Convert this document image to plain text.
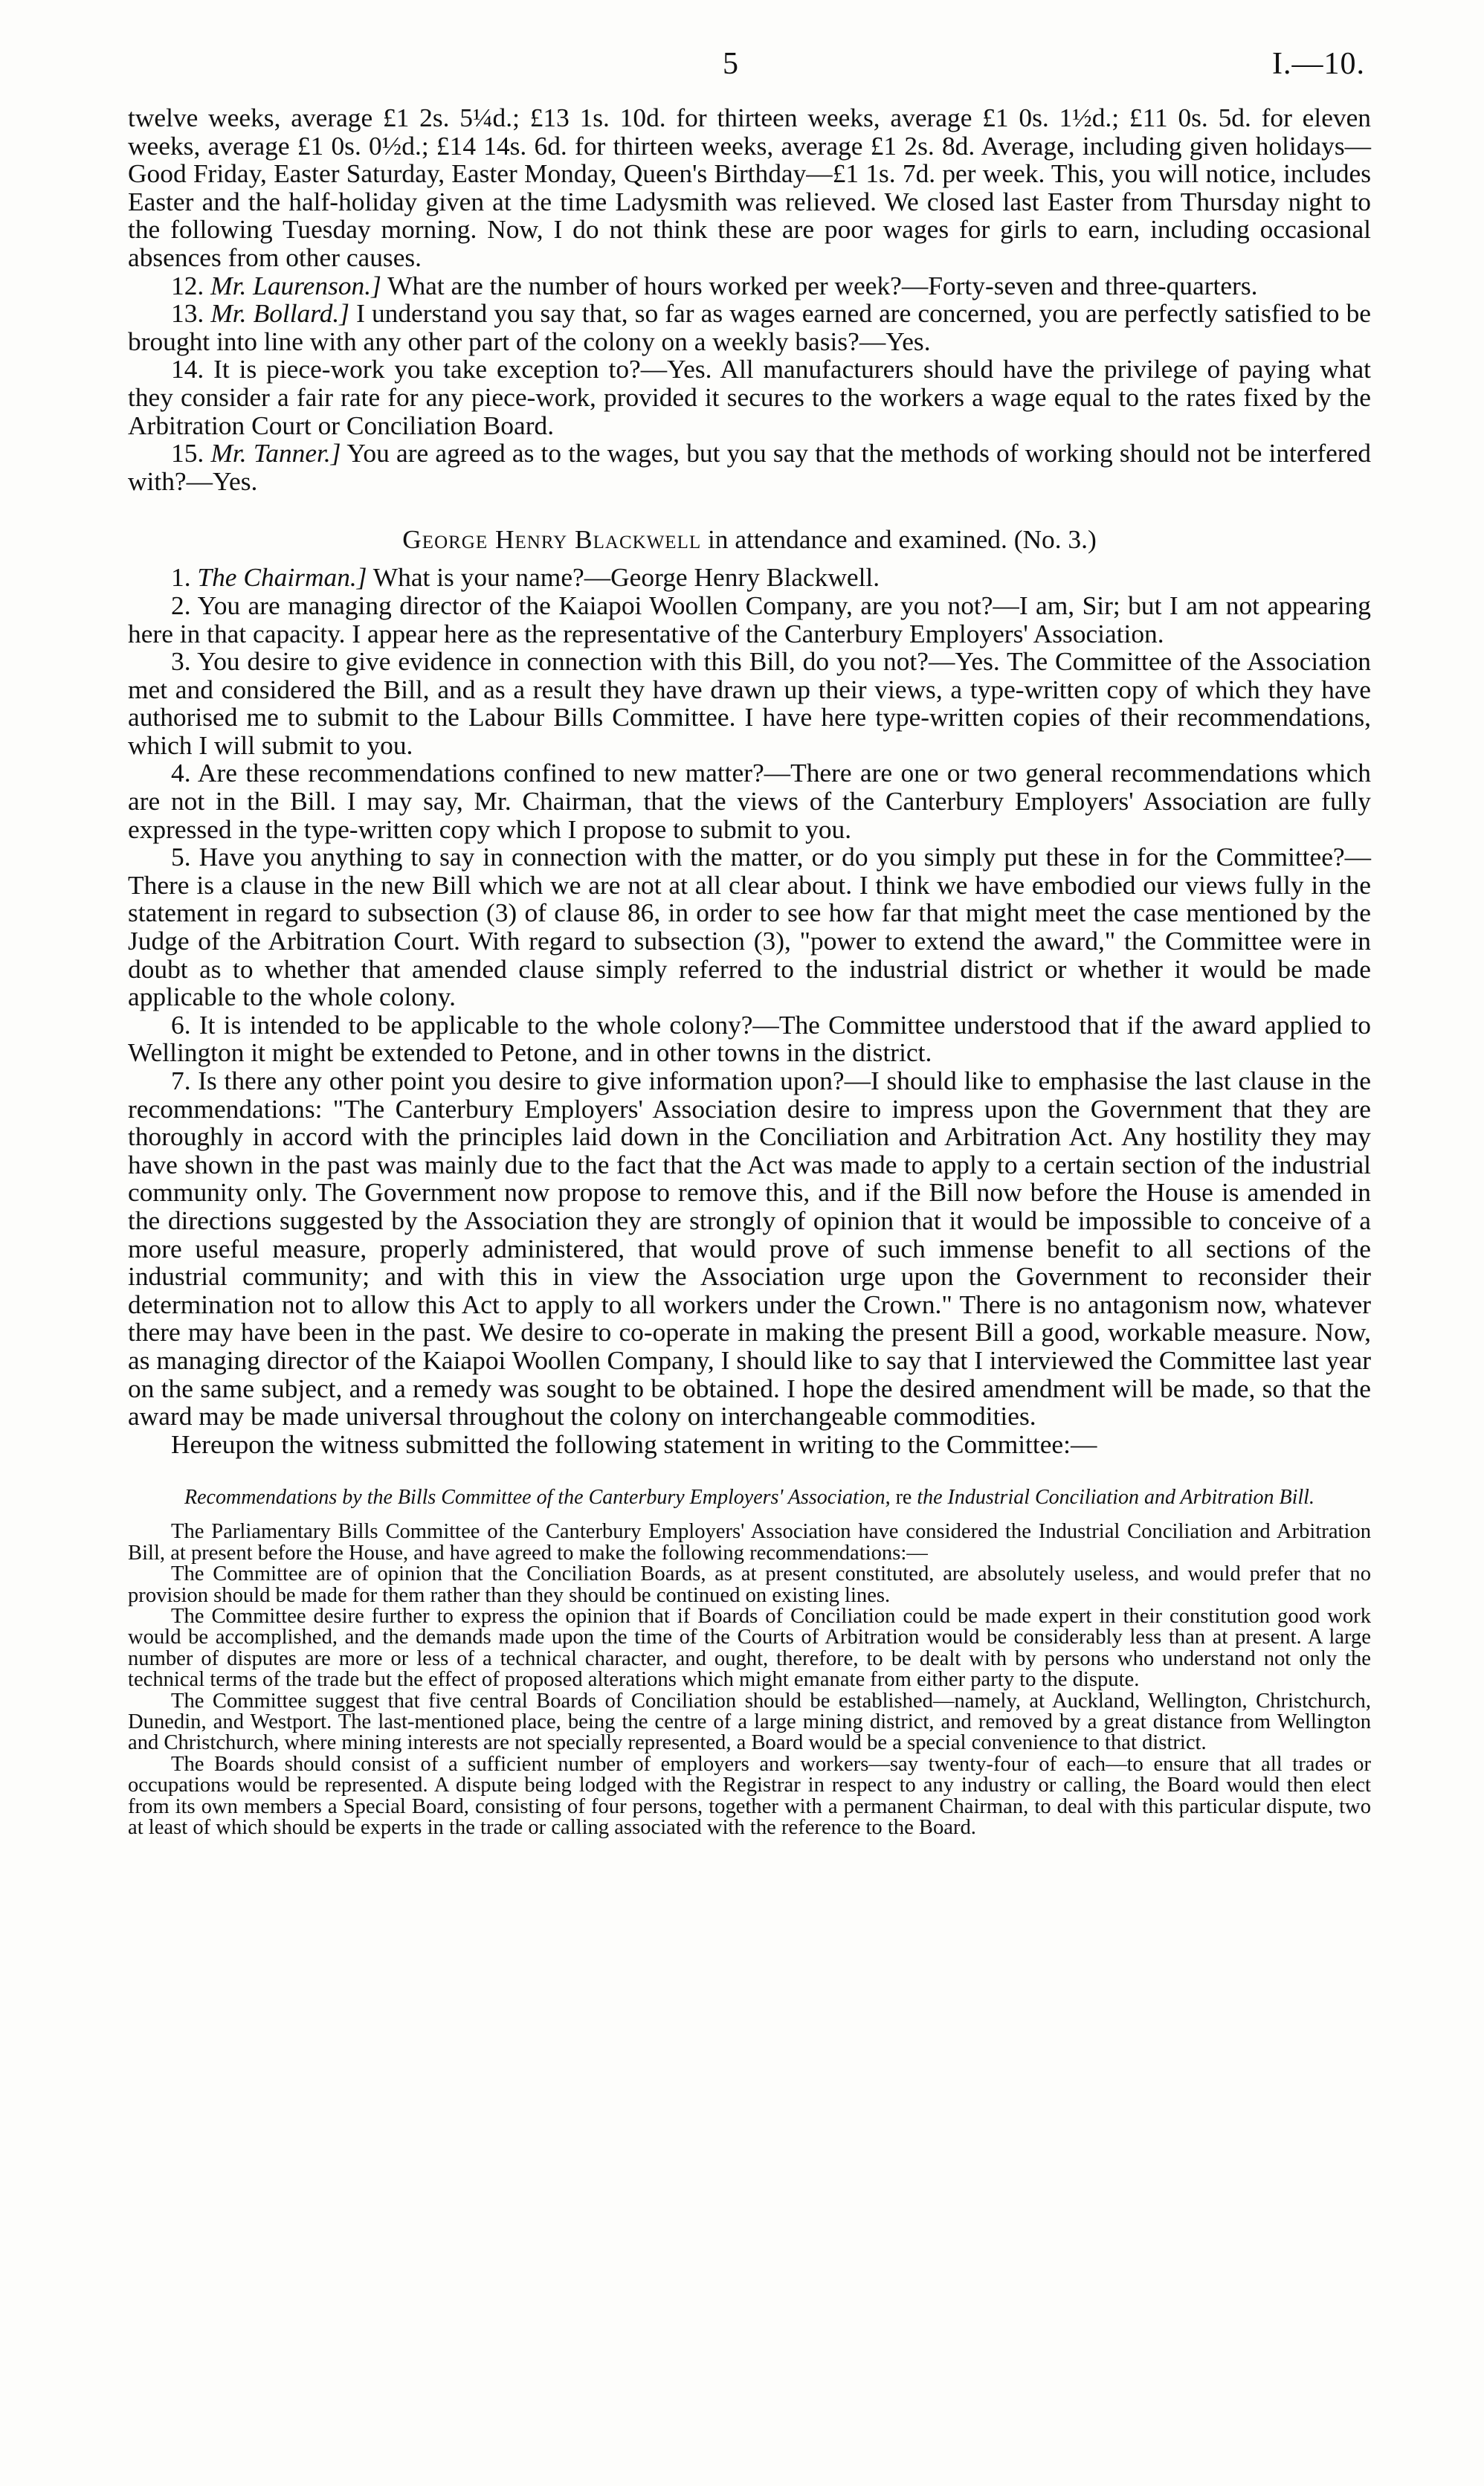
5	I.—10.

twelve weeks, average £1 2s. 5¼d.; £13 1s. 10d. for thirteen weeks, average £1 0s. 1½d.; £11 0s. 5d. for eleven weeks, average £1 0s. 0½d.; £14 14s. 6d. for thirteen weeks, average £1 2s. 8d. Average, including given holidays—Good Friday, Easter Saturday, Easter Monday, Queen's Birthday—£1 1s. 7d. per week. This, you will notice, includes Easter and the half-holiday given at the time Ladysmith was relieved. We closed last Easter from Thursday night to the following Tuesday morning. Now, I do not think these are poor wages for girls to earn, including occasional absences from other causes.

12. Mr. Laurenson.] What are the number of hours worked per week?—Forty-seven and three-quarters.

13. Mr. Bollard.] I understand you say that, so far as wages earned are concerned, you are perfectly satisfied to be brought into line with any other part of the colony on a weekly basis?—Yes.

14. It is piece-work you take exception to?—Yes. All manufacturers should have the privilege of paying what they consider a fair rate for any piece-work, provided it secures to the workers a wage equal to the rates fixed by the Arbitration Court or Conciliation Board.

15. Mr. Tanner.] You are agreed as to the wages, but you say that the methods of working should not be interfered with?—Yes.

George Henry Blackwell in attendance and examined. (No. 3.)

1. The Chairman.] What is your name?—George Henry Blackwell.

2. You are managing director of the Kaiapoi Woollen Company, are you not?—I am, Sir; but I am not appearing here in that capacity. I appear here as the representative of the Canterbury Employers' Association.

3. You desire to give evidence in connection with this Bill, do you not?—Yes. The Committee of the Association met and considered the Bill, and as a result they have drawn up their views, a type-written copy of which they have authorised me to submit to the Labour Bills Committee. I have here type-written copies of their recommendations, which I will submit to you.

4. Are these recommendations confined to new matter?—There are one or two general recommendations which are not in the Bill. I may say, Mr. Chairman, that the views of the Canterbury Employers' Association are fully expressed in the type-written copy which I propose to submit to you.

5. Have you anything to say in connection with the matter, or do you simply put these in for the Committee?—There is a clause in the new Bill which we are not at all clear about. I think we have embodied our views fully in the statement in regard to subsection (3) of clause 86, in order to see how far that might meet the case mentioned by the Judge of the Arbitration Court. With regard to subsection (3), "power to extend the award," the Committee were in doubt as to whether that amended clause simply referred to the industrial district or whether it would be made applicable to the whole colony.

6. It is intended to be applicable to the whole colony?—The Committee understood that if the award applied to Wellington it might be extended to Petone, and in other towns in the district.

7. Is there any other point you desire to give information upon?—I should like to emphasise the last clause in the recommendations: "The Canterbury Employers' Association desire to impress upon the Government that they are thoroughly in accord with the principles laid down in the Conciliation and Arbitration Act. Any hostility they may have shown in the past was mainly due to the fact that the Act was made to apply to a certain section of the industrial community only. The Government now propose to remove this, and if the Bill now before the House is amended in the directions suggested by the Association they are strongly of opinion that it would be impossible to conceive of a more useful measure, properly administered, that would prove of such immense benefit to all sections of the industrial community; and with this in view the Association urge upon the Government to reconsider their determination not to allow this Act to apply to all workers under the Crown." There is no antagonism now, whatever there may have been in the past. We desire to co-operate in making the present Bill a good, workable measure. Now, as managing director of the Kaiapoi Woollen Company, I should like to say that I interviewed the Committee last year on the same subject, and a remedy was sought to be obtained. I hope the desired amendment will be made, so that the award may be made universal throughout the colony on interchangeable commodities.

Hereupon the witness submitted the following statement in writing to the Committee:—

Recommendations by the Bills Committee of the Canterbury Employers' Association, re the Industrial Conciliation and Arbitration Bill.

The Parliamentary Bills Committee of the Canterbury Employers' Association have considered the Industrial Conciliation and Arbitration Bill, at present before the House, and have agreed to make the following recommendations:—

The Committee are of opinion that the Conciliation Boards, as at present constituted, are absolutely useless, and would prefer that no provision should be made for them rather than they should be continued on existing lines.

The Committee desire further to express the opinion that if Boards of Conciliation could be made expert in their constitution good work would be accomplished, and the demands made upon the time of the Courts of Arbitration would be considerably less than at present. A large number of disputes are more or less of a technical character, and ought, therefore, to be dealt with by persons who understand not only the technical terms of the trade but the effect of proposed alterations which might emanate from either party to the dispute.

The Committee suggest that five central Boards of Conciliation should be established—namely, at Auckland, Wellington, Christchurch, Dunedin, and Westport. The last-mentioned place, being the centre of a large mining district, and removed by a great distance from Wellington and Christchurch, where mining interests are not specially represented, a Board would be a special convenience to that district.

The Boards should consist of a sufficient number of employers and workers—say twenty-four of each—to ensure that all trades or occupations would be represented. A dispute being lodged with the Registrar in respect to any industry or calling, the Board would then elect from its own members a Special Board, consisting of four persons, together with a permanent Chairman, to deal with this particular dispute, two at least of which should be experts in the trade or calling associated with the reference to the Board.
